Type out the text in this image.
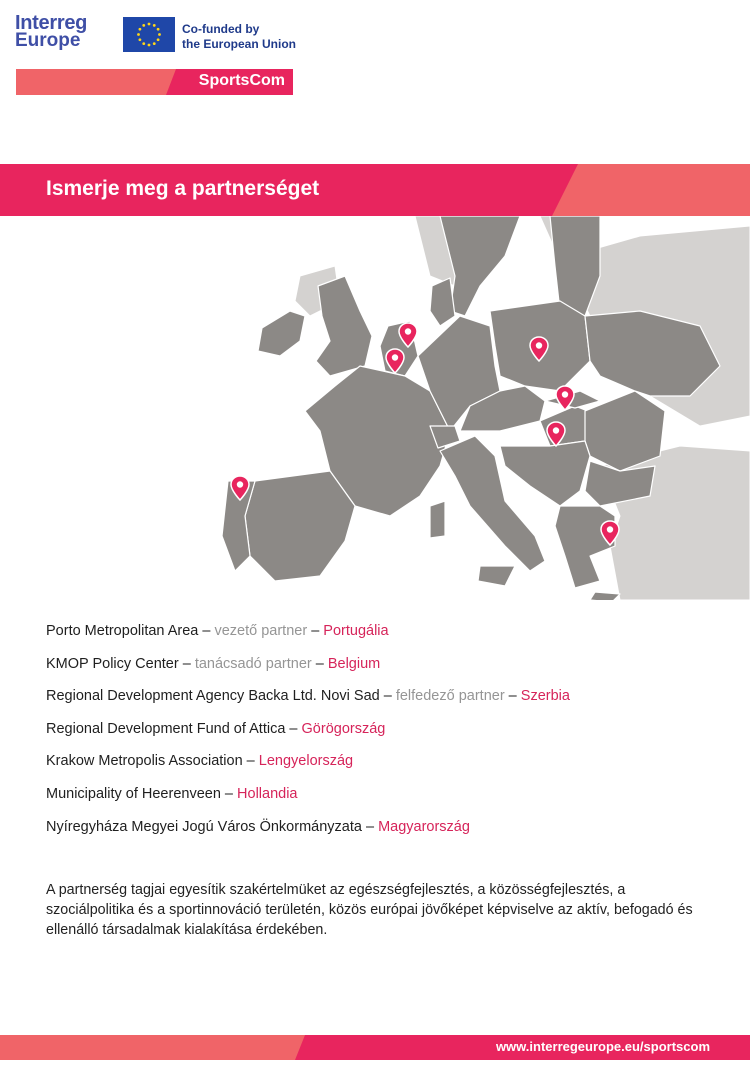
Interreg
Europe
Co-funded by
the European Union
SportsCom
Ismerje meg a partnerséget
Porto Metropolitan Area – vezető partner – Portugália
KMOP Policy Center – tanácsadó partner – Belgium
Regional Development Agency Backa Ltd. Novi Sad – felfedező partner – Szerbia
Regional Development Fund of Attica – Görögország
Krakow Metropolis Association – Lengyelország
Municipality of Heerenveen – Hollandia
Nyíregyháza Megyei Jogú Város Önkormányzata – Magyarország

A partnerség tagjai egyesítik szakértelmüket az egészségfejlesztés, a közösségfejlesztés, a szociálpolitika és a sportinnováció területén, közös európai jövőképet képviselve az aktív, befogadó és ellenálló társadalmak kialakítása érdekében.

www.interregeurope.eu/sportscom
